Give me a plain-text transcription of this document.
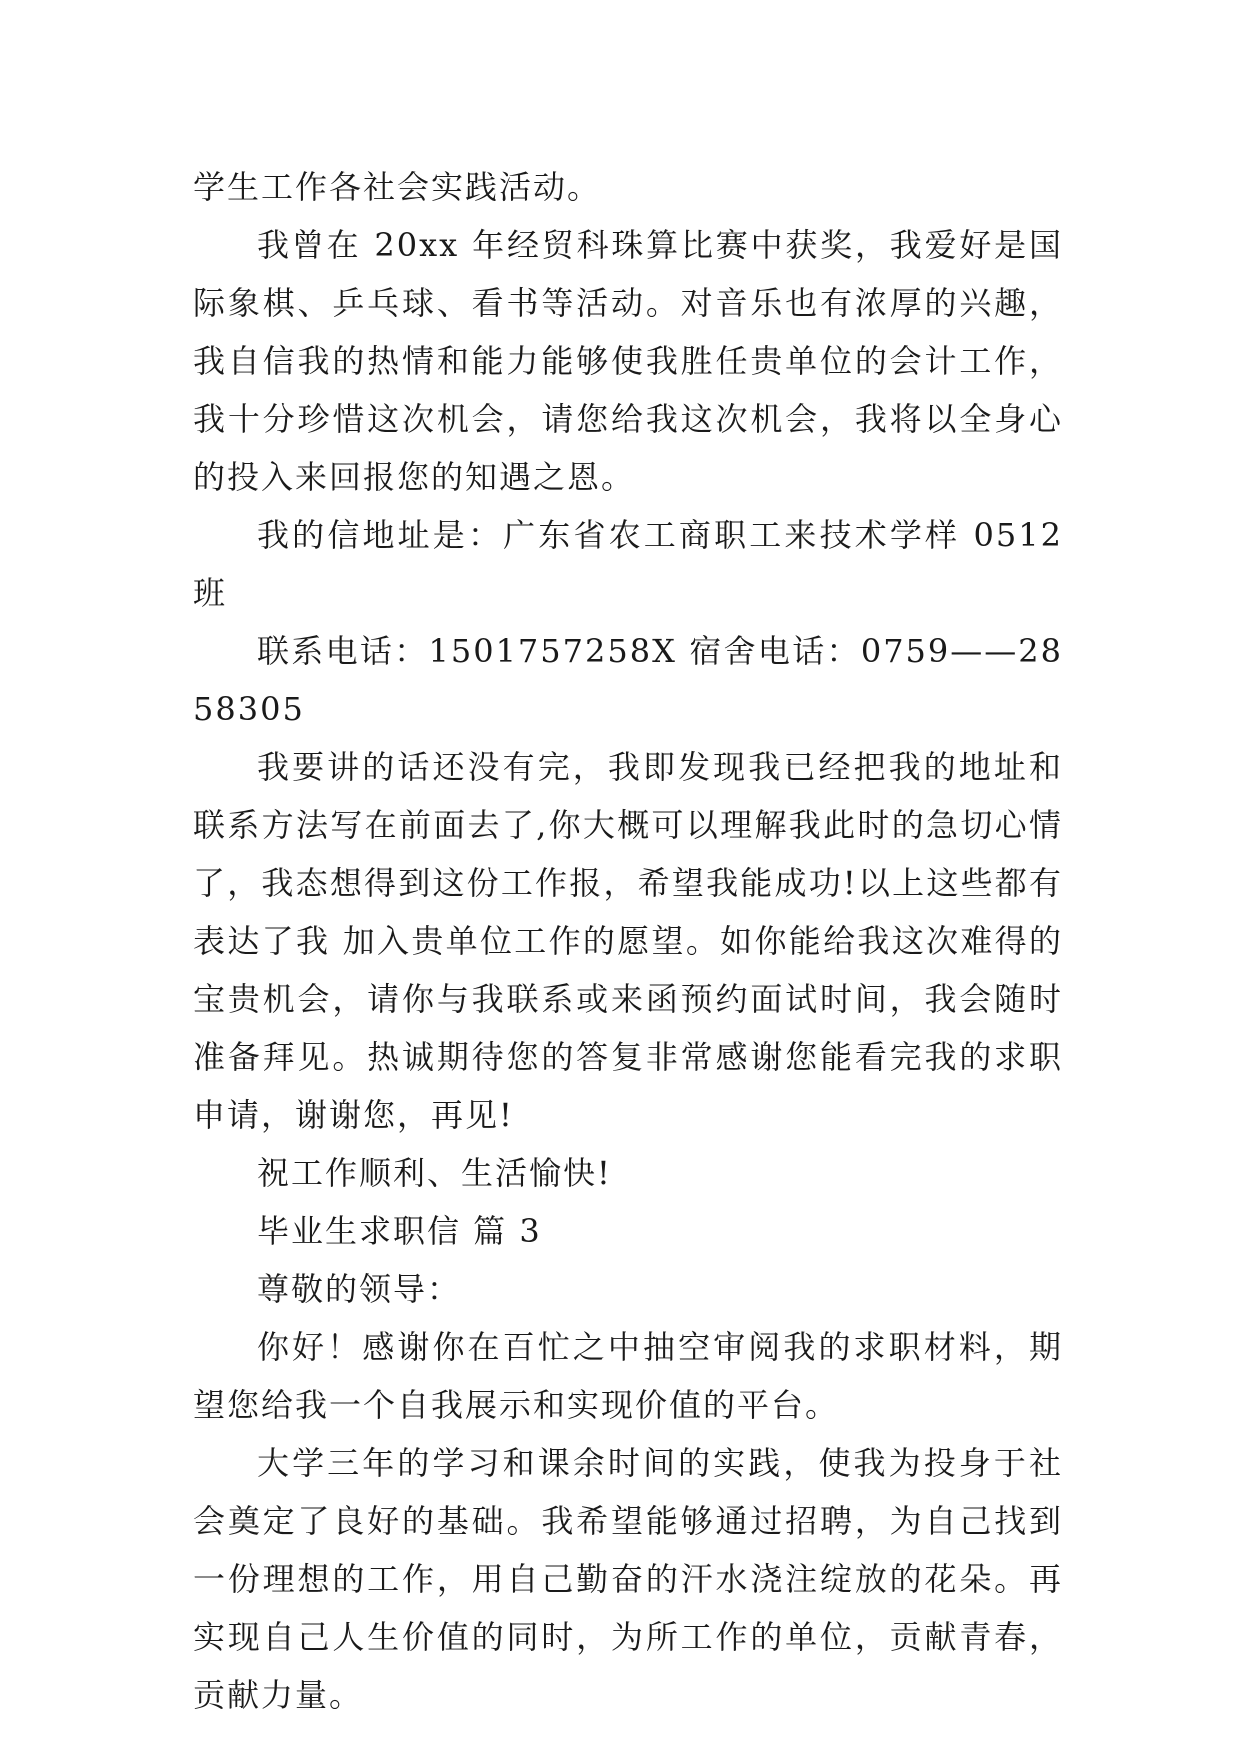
学生工作各社会实践活动。

我曾在 20xx 年经贸科珠算比赛中获奖，我爱好是国际象棋、乒乓球、看书等活动。对音乐也有浓厚的兴趣，我自信我的热情和能力能够使我胜任贵单位的会计工作，我十分珍惜这次机会，请您给我这次机会，我将以全身心的投入来回报您的知遇之恩。

我的信地址是：广东省农工商职工来技术学样 0512 班

联系电话：1501757258X 宿舍电话：0759——2858305

我要讲的话还没有完，我即发现我已经把我的地址和联系方法写在前面去了,你大概可以理解我此时的急切心情了，我态想得到这份工作报，希望我能成功!以上这些都有表达了我 加入贵单位工作的愿望。如你能给我这次难得的宝贵机会，请你与我联系或来函预约面试时间，我会随时准备拜见。热诚期待您的答复非常感谢您能看完我的求职申请，谢谢您，再见!

祝工作顺利、生活愉快!

毕业生求职信 篇 3

尊敬的领导：

你好！感谢你在百忙之中抽空审阅我的求职材料，期望您给我一个自我展示和实现价值的平台。

大学三年的学习和课余时间的实践，使我为投身于社会奠定了良好的基础。我希望能够通过招聘，为自己找到一份理想的工作，用自己勤奋的汗水浇注绽放的花朵。再实现自己人生价值的同时，为所工作的单位，贡献青春，贡献力量。
